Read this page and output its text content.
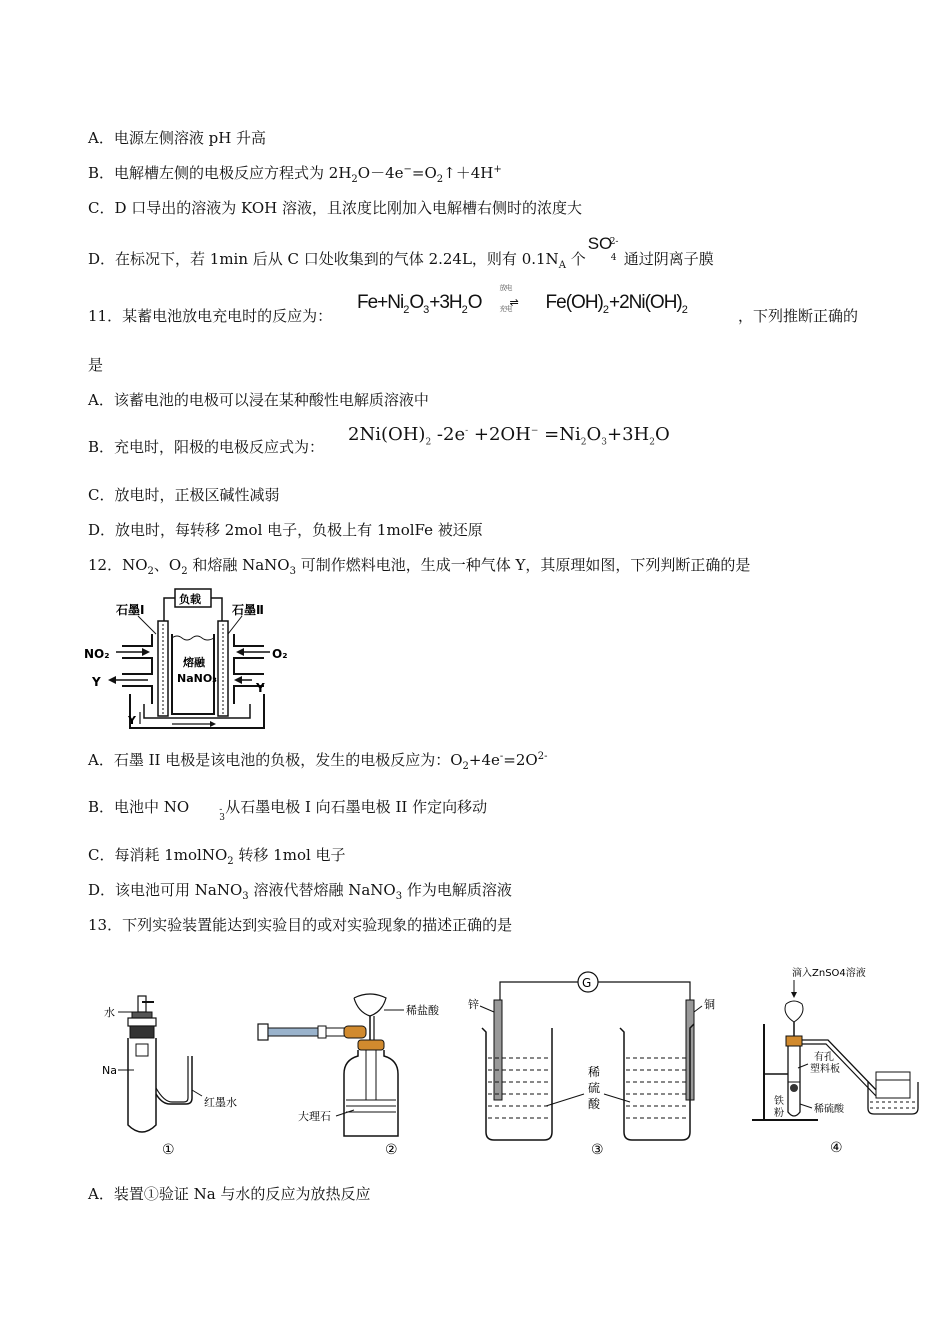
A．电源左侧溶液 pH 升高
B．电解槽左侧的电极反应方程式为 $2H_2O-4e^-=O_2↑+4H^+$
C．D 口导出的溶液为 KOH 溶液，且浓度比刚加入电解槽右侧时的浓度大
D．在标况下，若 1min 后从 C 口处收集到的气体 2.24L，则有 $0.1N_A$ 个
SO
2-
4 通过阴离子膜
11．某蓄电池放电充电时的反应为：
$Fe+Ni_2O_3+3H_2O$
放电
⇌
充电 $Fe(OH)_2+2Ni(OH)_2$	，下列推断正确的
是
A．该蓄电池的电极可以浸在某种酸性电解质溶液中
B．充电时，阳极的电极反应式为：
$2Ni(OH)_2$ $-2e^- +2OH^- =Ni_2O_3+3H_2O$
C．放电时，正极区碱性减弱
D．放电时，每转移 2mol 电子，负极上有 1molFe 被还原
12．$NO_2$、$O_2$ 和熔融 NaNO$_3$ 可制作燃料电池，生成一种气体 Y，其原理如图，下列判断正确的是
负载
石墨Ⅰ	石墨Ⅱ
熔融
NaNO₃
NO₂	O₂
Y	Y
Y
A．石墨 II 电极是该电池的负极，发生的电极反应为：$O_2+4e^-=2O^{2-}$
B．电池中 NO	-
3
从石墨电极 I 向石墨电极 II 作定向移动
C．每消耗 1molNO$_2$ 转移 1mol 电子
D．该电池可用 NaNO$_3$ 溶液代替熔融 NaNO$_3$ 作为电解质溶液
13．下列实验装置能达到实验目的或对实验现象的描述正确的是
水
Na
红墨水
①
稀盐酸
大理石
②
G
锌	铜
稀
硫
酸
③
滴入ZnSO4溶液
有孔
塑料板
铁
粉	稀硫酸
④
A．装置①验证 Na 与水的反应为放热反应
